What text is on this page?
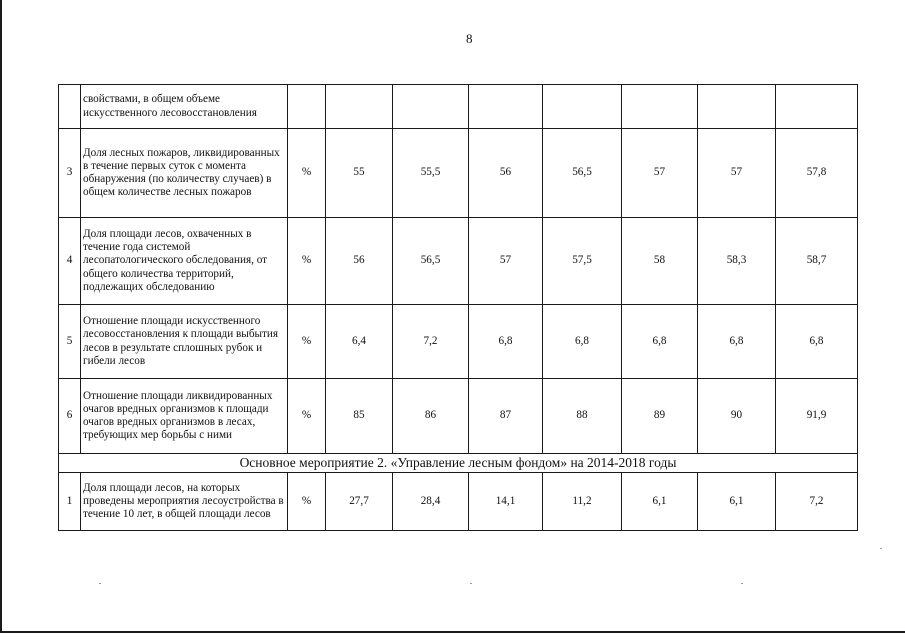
8
	свойствами, в общем объеме искусственного лесовосстановления								
3	Доля лесных пожаров, ликвидированных в течение первых суток с момента обнаружения (по количеству случаев) в общем количестве лесных пожаров	%	55	55,5	56	56,5	57	57	57,8
4	Доля площади лесов, охваченных в течение года системой лесопатологического обследования, от общего количества территорий, подлежащих обследованию	%	56	56,5	57	57,5	58	58,3	58,7
5	Отношение площади искусственного лесовосстановления к площади выбытия лесов в результате сплошных рубок и гибели лесов	%	6,4	7,2	6,8	6,8	6,8	6,8	6,8
6	Отношение площади ликвидированных очагов вредных организмов к площади очагов вредных организмов в лесах, требующих мер борьбы с ними	%	85	86	87	88	89	90	91,9
Основное мероприятие 2. «Управление лесным фондом» на 2014-2018 годы									
1	Доля площади лесов, на которых проведены мероприятия лесоустройства в течение 10 лет, в общей площади лесов	%	27,7	28,4	14,1	11,2	6,1	6,1	7,2
